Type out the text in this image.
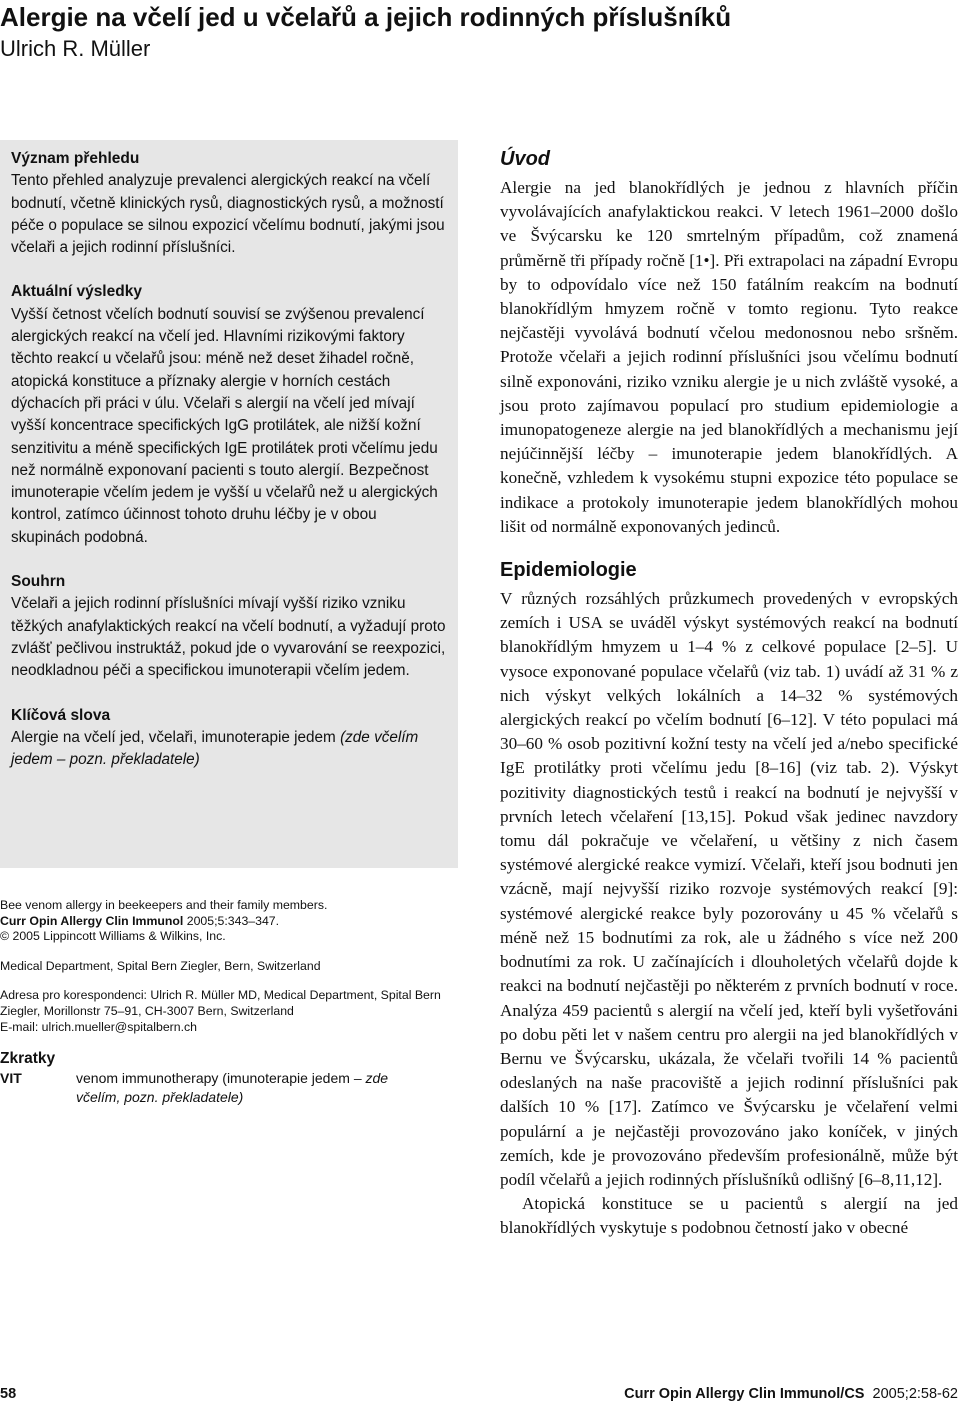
Alergie na včelí jed u včelařů a jejich rodinných příslušníků
Ulrich R. Müller
Význam přehledu

Tento přehled analyzuje prevalenci alergických reakcí na včelí bodnutí, včetně klinických rysů, diagnostických rysů, a možností péče o populace se silnou expozicí včelímu bodnutí, jakými jsou včelaři a jejich rodinní příslušníci.

Aktuální výsledky

Vyšší četnost včelích bodnutí souvisí se zvýšenou prevalencí alergických reakcí na včelí jed. Hlavními rizikovými faktory těchto reakcí u včelařů jsou: méně než deset žihadel ročně, atopická konstituce a příznaky alergie v horních cestách dýchacích při práci v úlu. Včelaři s alergií na včelí jed mívají vyšší koncentrace specifických IgG protilátek, ale nižší kožní senzitivitu a méně specifických IgE protilátek proti včelímu jedu než normálně exponovaní pacienti s touto alergií. Bezpečnost imunoterapie včelím jedem je vyšší u včelařů než u alergických kontrol, zatímco účinnost tohoto druhu léčby je v obou skupinách podobná.

Souhrn

Včelaři a jejich rodinní příslušníci mívají vyšší riziko vzniku těžkých anafylaktických reakcí na včelí bodnutí, a vyžadují proto zvlášť pečlivou instruktáž, pokud jde o vyvarování se reexpozici, neodkladnou péči a specifickou imunoterapii včelím jedem.

Klíčová slova

Alergie na včelí jed, včelaři, imunoterapie jedem (zde včelím jedem – pozn. překladatele)

Bee venom allergy in beekeepers and their family members.

Curr Opin Allergy Clin Immunol 2005;5:343–347.

© 2005 Lippincott Williams & Wilkins, Inc.

Medical Department, Spital Bern Ziegler, Bern, Switzerland

Adresa pro korespondenci: Ulrich R. Müller MD, Medical Department, Spital Bern Ziegler, Morillonstr 75–91, CH-3007 Bern, Switzerland

E-mail: ulrich.mueller@spitalbern.ch

Zkratky
VIT	venom immunotherapy (imunoterapie jedem – zde včelím, pozn. překladatele)
Úvod

Alergie na jed blanokřídlých je jednou z hlavních příčin vyvolávajících anafylaktickou reakci. V letech 1961–2000 došlo ve Švýcarsku ke 120 smrtelným případům, což znamená průměrně tři případy ročně [1•]. Při extrapolaci na západní Evropu by to odpovídalo více než 150 fatálním reakcím na bodnutí blanokřídlým hmyzem ročně v tomto regionu. Tyto reakce nejčastěji vyvolává bodnutí včelou medonosnou nebo sršněm. Protože včelaři a jejich rodinní příslušníci jsou včelímu bodnutí silně exponováni, riziko vzniku alergie je u nich zvláště vysoké, a jsou proto zajímavou populací pro studium epidemiologie a imunopatogeneze alergie na jed blanokřídlých a mechanismu její nejúčinnější léčby – imunoterapie jedem blanokřídlých. A konečně, vzhledem k vysokému stupni expozice této populace se indikace a protokoly imunoterapie jedem blanokřídlých mohou lišit od normálně exponovaných jedinců.

Epidemiologie

V různých rozsáhlých průzkumech provedených v evropských zemích i USA se uváděl výskyt systémových reakcí na bodnutí blanokřídlým hmyzem u 1–4 % z celkové populace [2–5]. U vysoce exponované populace včelařů (viz tab. 1) uvádí až 31 % z nich výskyt velkých lokálních a 14–32 % systémových alergických reakcí po včelím bodnutí [6–12]. V této populaci má 30–60 % osob pozitivní kožní testy na včelí jed a/nebo specifické IgE protilátky proti včelímu jedu [8–16] (viz tab. 2). Výskyt pozitivity diagnostických testů i reakcí na bodnutí je nejvyšší v prvních letech včelaření [13,15]. Pokud však jedinec navzdory tomu dál pokračuje ve včelaření, u většiny z nich časem systémové alergické reakce vymizí. Včelaři, kteří jsou bodnuti jen vzácně, mají nejvyšší riziko rozvoje systémových reakcí [9]: systémové alergické reakce byly pozorovány u 45 % včelařů s méně než 15 bodnutími za rok, ale u žádného s více než 200 bodnutími za rok. U začínajících i dlouholetých včelařů dojde k reakci na bodnutí nejčastěji po některém z prvních bodnutí v roce. Analýza 459 pacientů s alergií na včelí jed, kteří byli vyšetřováni po dobu pěti let v našem centru pro alergii na jed blanokřídlých v Bernu ve Švýcarsku, ukázala, že včelaři tvořili 14 % pacientů odeslaných na naše pracoviště a jejich rodinní příslušníci pak dalších 10 % [17]. Zatímco ve Švýcarsku je včelaření velmi populární a je nejčastěji provozováno jako koníček, v jiných zemích, kde je provozováno především profesionálně, může být podíl včelařů a jejich rodinných příslušníků odlišný [6–8,11,12].

Atopická konstituce se u pacientů s alergií na jed blanokřídlých vyskytuje s podobnou četností jako v obecné

58	Curr Opin Allergy Clin Immunol/CS 2005;2:58-62
